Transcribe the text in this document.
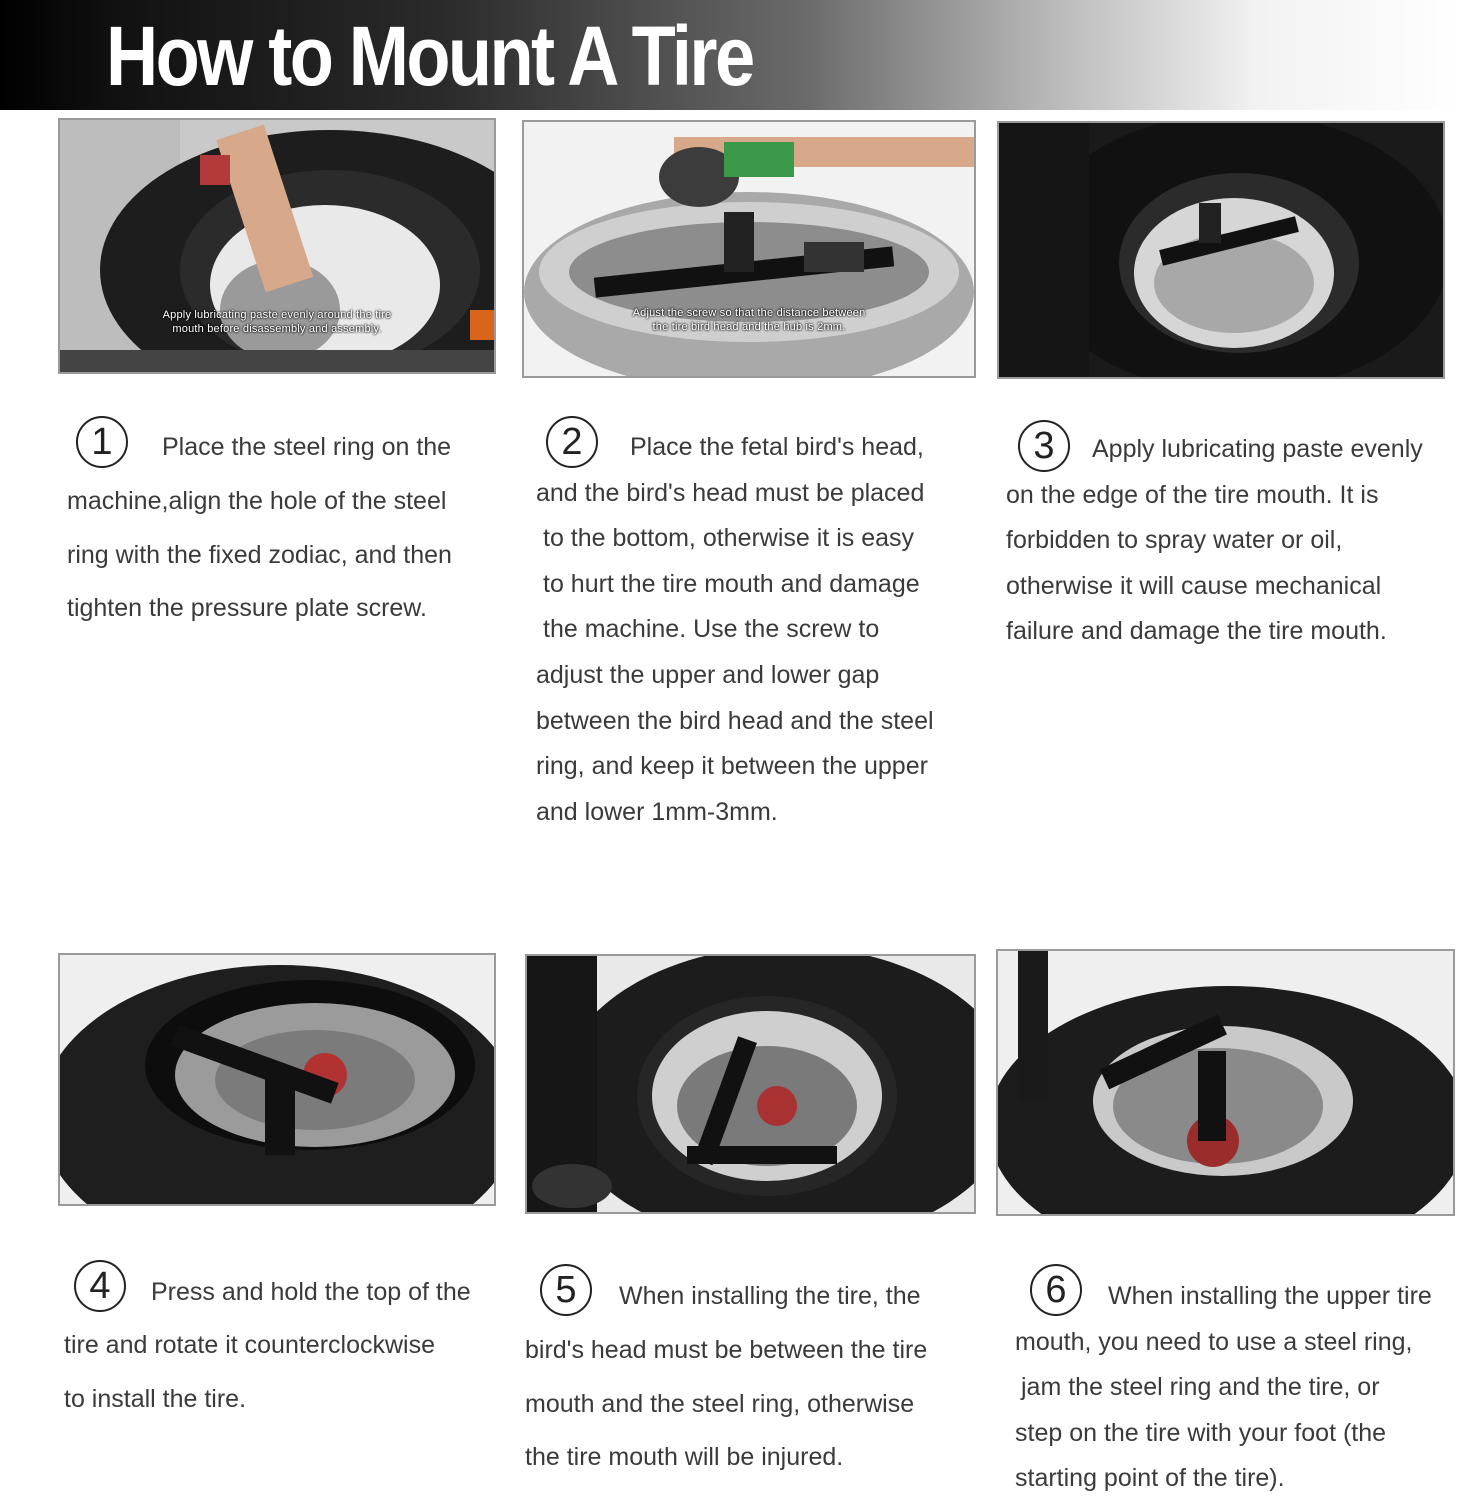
How to Mount A Tire
Apply lubricating paste evenly around the tire
mouth before disassembly and assembly.
Adjust the screw so that the distance between
the tire bird head and the hub is 2mm.
1	Place the steel ring on the
machine,align the hole of the steel
ring with the fixed zodiac, and then
tighten the pressure plate screw.
2	Place the fetal bird's head,
and the bird's head must be placed
to the bottom, otherwise it is easy
to hurt the tire mouth and damage
the machine. Use the screw to
adjust the upper and lower gap
between the bird head and the steel
ring, and keep it between the upper
and lower 1mm-3mm.
3	Apply lubricating paste evenly
on the edge of the tire mouth. It is
forbidden to spray water or oil,
otherwise it will cause mechanical
failure and damage the tire mouth.
4	Press and hold the top of the
tire and rotate it counterclockwise
to install the tire.
5	When installing the tire, the
bird's head must be between the tire
mouth and the steel ring, otherwise
the tire mouth will be injured.
6	When installing the upper tire
mouth, you need to use a steel ring,
jam the steel ring and the tire, or
step on the tire with your foot (the
starting point of the tire).
